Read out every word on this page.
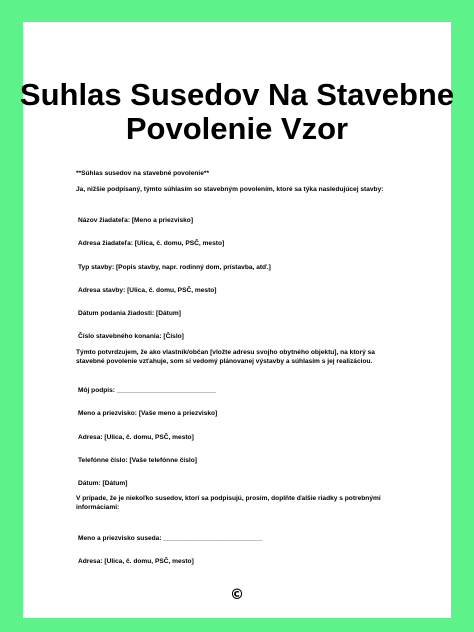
Suhlas Susedov Na Stavebne
Povolenie Vzor

**Súhlas susedov na stavebné povolenie**

Ja, nižšie podpísaný, týmto súhlasím so stavebným povolením, ktoré sa týka nasledujúcej stavby:

Názov žiadateľa: [Meno a priezvisko]

Adresa žiadateľa: [Ulica, č. domu, PSČ, mesto]

Typ stavby: [Popis stavby, napr. rodinný dom, prístavba, atď.]

Adresa stavby: [Ulica, č. domu, PSČ, mesto]

Dátum podania žiadosti: [Dátum]

Číslo stavebného konania: [Číslo]

Týmto potvrdzujem, že ako vlastník/občan [vložte adresu svojho obytného objektu], na ktorý sa stavebné povolenie vzťahuje, som si vedomý plánovanej výstavby a súhlasím s jej realizáciou.

Môj podpis: ___________________________

Meno a priezvisko: [Vaše meno a priezvisko]

Adresa: [Ulica, č. domu, PSČ, mesto]

Telefónne číslo: [Vaše telefónne číslo]

Dátum: [Dátum]

V prípade, že je niekoľko susedov, ktorí sa podpisujú, prosím, doplňte ďalšie riadky s potrebnými informáciami:

Meno a priezvisko suseda: ___________________________

Adresa: [Ulica, č. domu, PSČ, mesto]

©
